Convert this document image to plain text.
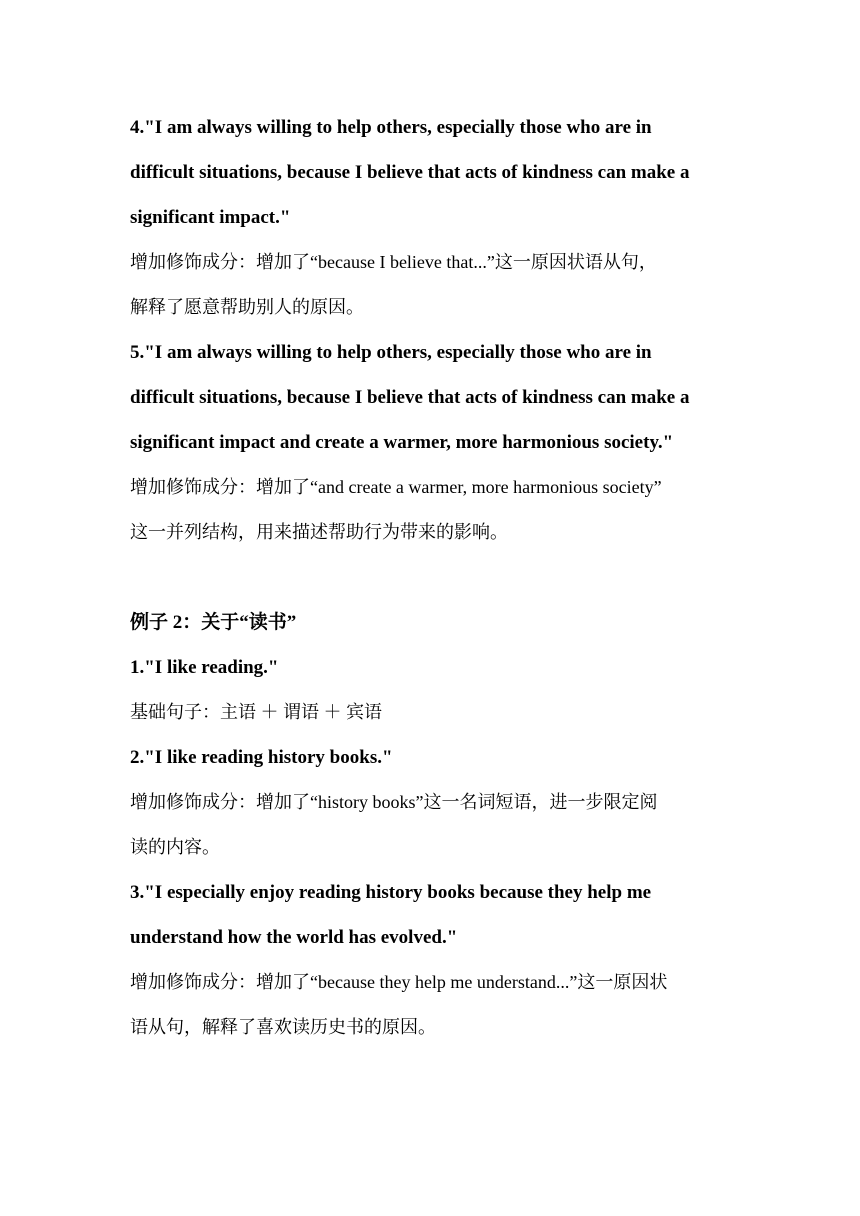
4."I am always willing to help others, especially those who are in
difficult situations, because I believe that acts of kindness can make a
significant impact."
增加修饰成分：增加了“because I believe that...”这一原因状语从句，
解释了愿意帮助别人的原因。
5."I am always willing to help others, especially those who are in
difficult situations, because I believe that acts of kindness can make a
significant impact and create a warmer, more harmonious society."
增加修饰成分：增加了“and create a warmer, more harmonious society”
这一并列结构，用来描述帮助行为带来的影响。
例子 2：关于“读书”
1."I like reading."
基础句子：主语 ＋ 谓语 ＋ 宾语
2."I like reading history books."
增加修饰成分：增加了“history books”这一名词短语，进一步限定阅
读的内容。
3."I especially enjoy reading history books because they help me
understand how the world has evolved."
增加修饰成分：增加了“because they help me understand...”这一原因状
语从句，解释了喜欢读历史书的原因。
